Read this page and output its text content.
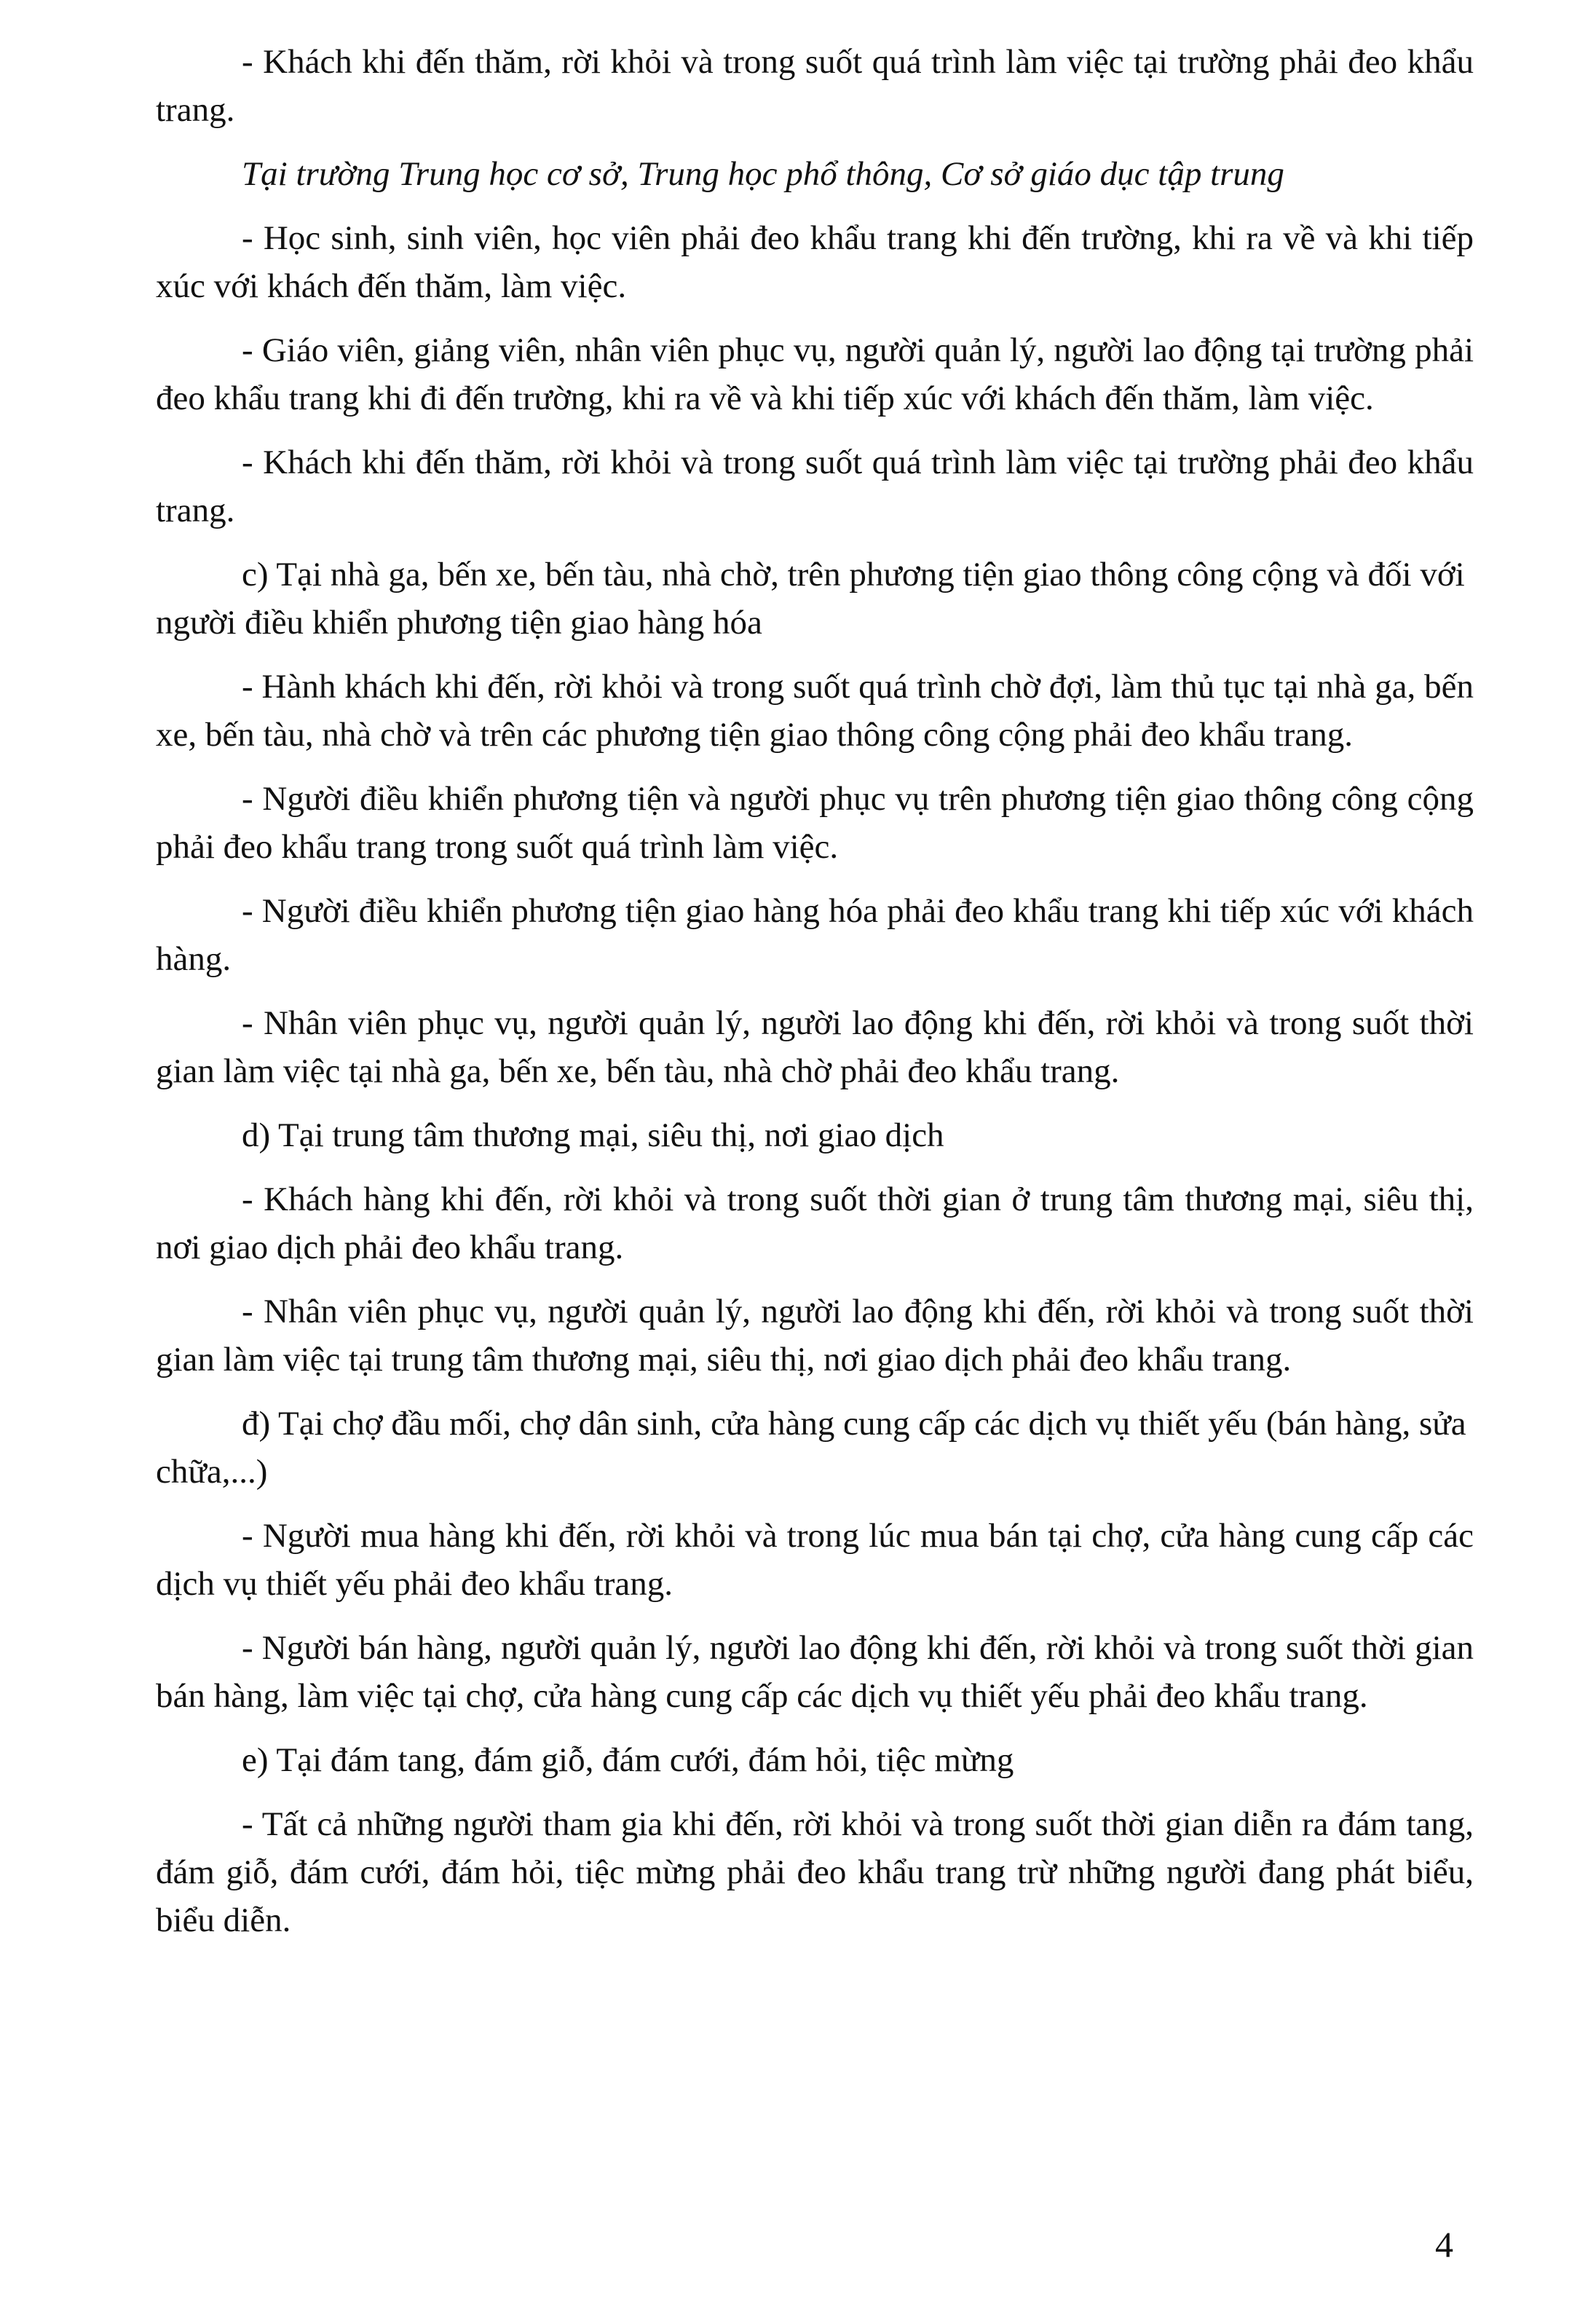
- Khách khi đến thăm, rời khỏi và trong suốt quá trình làm việc tại trường phải đeo khẩu trang.

Tại trường Trung học cơ sở, Trung học phổ thông, Cơ sở giáo dục tập trung

- Học sinh, sinh viên, học viên phải đeo khẩu trang khi đến trường, khi ra về và khi tiếp xúc với khách đến thăm, làm việc.

- Giáo viên, giảng viên, nhân viên phục vụ, người quản lý, người lao động tại trường phải đeo khẩu trang khi đi đến trường, khi ra về và khi tiếp xúc với khách đến thăm, làm việc.

- Khách khi đến thăm, rời khỏi và trong suốt quá trình làm việc tại trường phải đeo khẩu trang.

c) Tại nhà ga, bến xe, bến tàu, nhà chờ, trên phương tiện giao thông công cộng và đối với người điều khiển phương tiện giao hàng hóa

- Hành khách khi đến, rời khỏi và trong suốt quá trình chờ đợi, làm thủ tục tại nhà ga, bến xe, bến tàu, nhà chờ và trên các phương tiện giao thông công cộng phải đeo khẩu trang.

- Người điều khiển phương tiện và người phục vụ trên phương tiện giao thông công cộng phải đeo khẩu trang trong suốt quá trình làm việc.

- Người điều khiển phương tiện giao hàng hóa phải đeo khẩu trang khi tiếp xúc với khách hàng.

- Nhân viên phục vụ, người quản lý, người lao động khi đến, rời khỏi và trong suốt thời gian làm việc tại nhà ga, bến xe, bến tàu, nhà chờ phải đeo khẩu trang.

d) Tại trung tâm thương mại, siêu thị, nơi giao dịch

- Khách hàng khi đến, rời khỏi và trong suốt thời gian ở trung tâm thương mại, siêu thị, nơi giao dịch phải đeo khẩu trang.

- Nhân viên phục vụ, người quản lý, người lao động khi đến, rời khỏi và trong suốt thời gian làm việc tại trung tâm thương mại, siêu thị, nơi giao dịch phải đeo khẩu trang.

đ) Tại chợ đầu mối, chợ dân sinh, cửa hàng cung cấp các dịch vụ thiết yếu (bán hàng, sửa chữa,...)

- Người mua hàng khi đến, rời khỏi và trong lúc mua bán tại chợ, cửa hàng cung cấp các dịch vụ thiết yếu phải đeo khẩu trang.

- Người bán hàng, người quản lý, người lao động khi đến, rời khỏi và trong suốt thời gian bán hàng, làm việc tại chợ, cửa hàng cung cấp các dịch vụ thiết yếu phải đeo khẩu trang.

e) Tại đám tang, đám giỗ, đám cưới, đám hỏi, tiệc mừng

- Tất cả những người tham gia khi đến, rời khỏi và trong suốt thời gian diễn ra đám tang, đám giỗ, đám cưới, đám hỏi, tiệc mừng phải đeo khẩu trang trừ những người đang phát biểu, biểu diễn.

4
